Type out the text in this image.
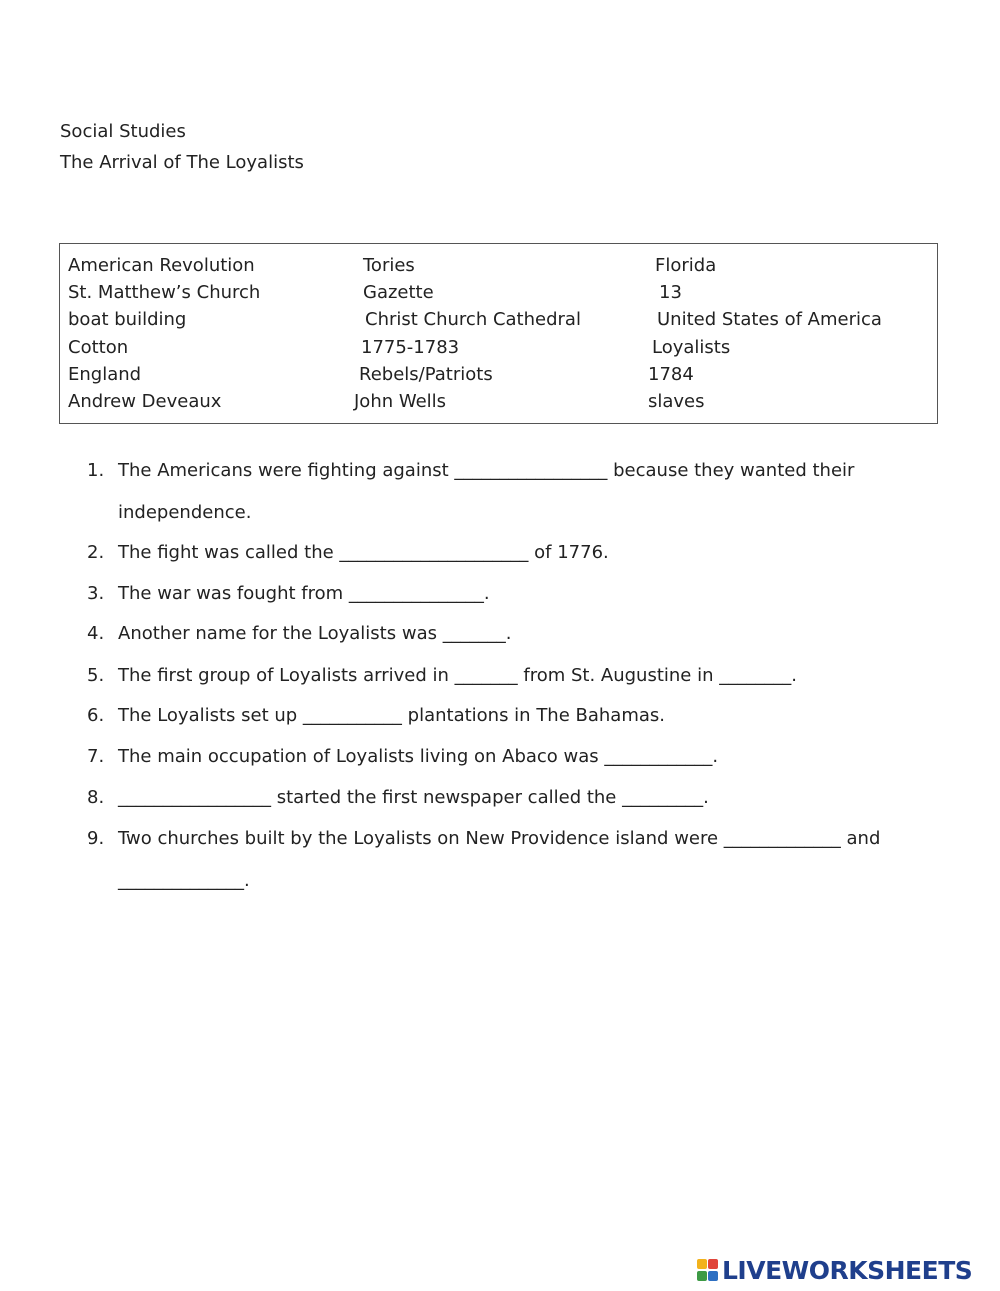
Social Studies
The Arrival of The Loyalists
American Revolution	Tories	Florida
St. Matthew’s Church	Gazette	13
boat building	Christ Church Cathedral	United States of America
Cotton	1775-1783	Loyalists
England	Rebels/Patriots	1784
Andrew Deveaux	John Wells	slaves
1. The Americans were fighting against _________________ because they wanted their
independence.
2. The fight was called the _____________________ of 1776.
3. The war was fought from _______________.
4. Another name for the Loyalists was _______.
5. The first group of Loyalists arrived in _______ from St. Augustine in ________.
6. The Loyalists set up ___________ plantations in The Bahamas.
7. The main occupation of Loyalists living on Abaco was ____________.
8. _________________ started the first newspaper called the _________.
9. Two churches built by the Loyalists on New Providence island were _____________ and
______________.
LIVEWORKSHEETS
